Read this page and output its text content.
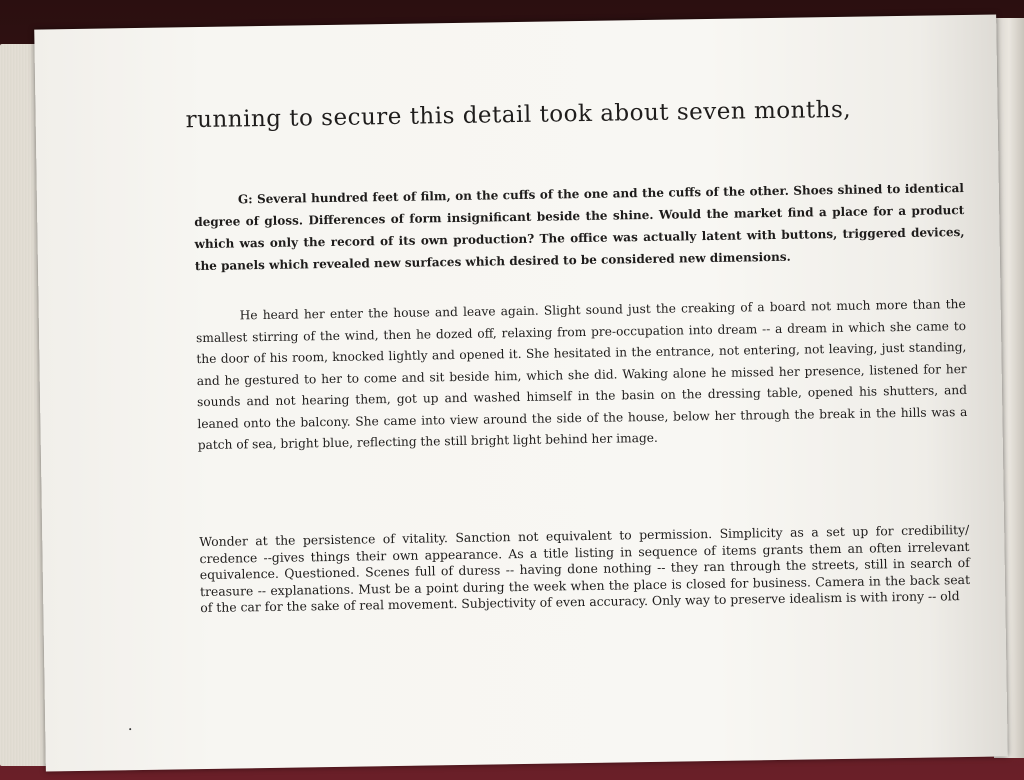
running to secure this detail took about seven months,
G: Several hundred feet of film, on the cuffs of the one and the cuffs of the other. Shoes shined to identical degree of gloss. Differences of form insignificant beside the shine. Would the market find a place for a product which was only the record of its own production? The office was actually latent with buttons, triggered devices, the panels which revealed new surfaces which desired to be considered new dimensions.
He heard her enter the house and leave again. Slight sound just the creaking of a board not much more than the smallest stirring of the wind, then he dozed off, relaxing from pre-occupation into dream -- a dream in which she came to the door of his room, knocked lightly and opened it. She hesitated in the entrance, not entering, not leaving, just standing, and he gestured to her to come and sit beside him, which she did. Waking alone he missed her presence, listened for her sounds and not hearing them, got up and washed himself in the basin on the dressing table, opened his shutters, and leaned onto the balcony. She came into view around the side of the house, below her through the break in the hills was a patch of sea, bright blue, reflecting the still bright light behind her image.
Wonder at the persistence of vitality. Sanction not equivalent to permission. Simplicity as a set up for credibility/ credence --gives things their own appearance. As a title listing in sequence of items grants them an often irrelevant equivalence. Questioned. Scenes full of duress -- having done nothing -- they ran through the streets, still in search of treasure -- explanations. Must be a point during the week when the place is closed for business. Camera in the back seat of the car for the sake of real movement. Subjectivity of even accuracy. Only way to preserve idealism is with irony -- old
